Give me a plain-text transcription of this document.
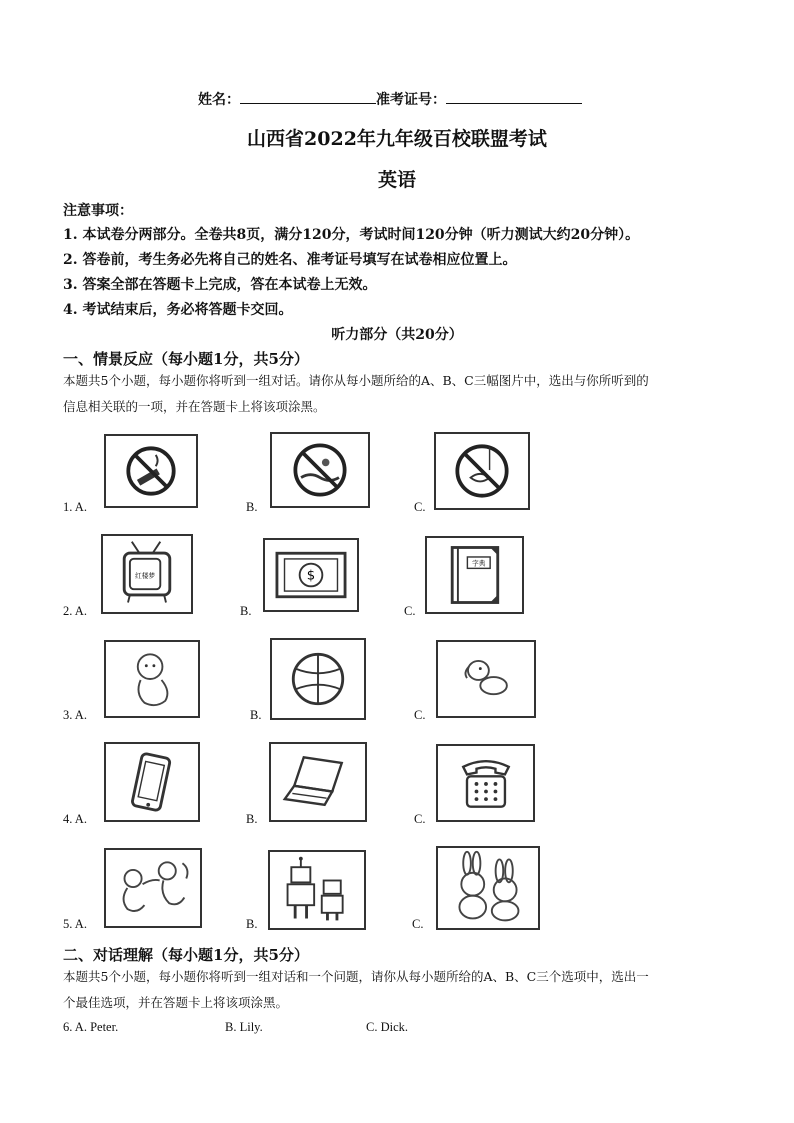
姓名：	准考证号：
山西省2022年九年级百校联盟考试
英语
注意事项：
1. 本试卷分两部分。全卷共8页，满分120分，考试时间120分钟（听力测试大约20分钟）。
2. 答卷前，考生务必先将自己的姓名、准考证号填写在试卷相应位置上。
3. 答案全部在答题卡上完成，答在本试卷上无效。
4. 考试结束后，务必将答题卡交回。
听力部分（共20分）
一、情景反应（每小题1分，共5分）
本题共5个小题，每小题你将听到一组对话。请你从每小题所给的A、B、C三幅图片中，选出与你所听到的
信息相关联的一项，并在答题卡上将该项涂黑。
1. A.	B.	C.
2. A.
红楼梦
B.
$
C.
字典
3. A.	B.	C.
4. A.	B.	C.
5. A.	B.	C.
二、对话理解（每小题1分，共5分）
本题共5个小题，每小题你将听到一组对话和一个问题，请你从每小题所给的A、B、C三个选项中，选出一
个最佳选项，并在答题卡上将该项涂黑。
6. A. Peter.	B. Lily.	C. Dick.
